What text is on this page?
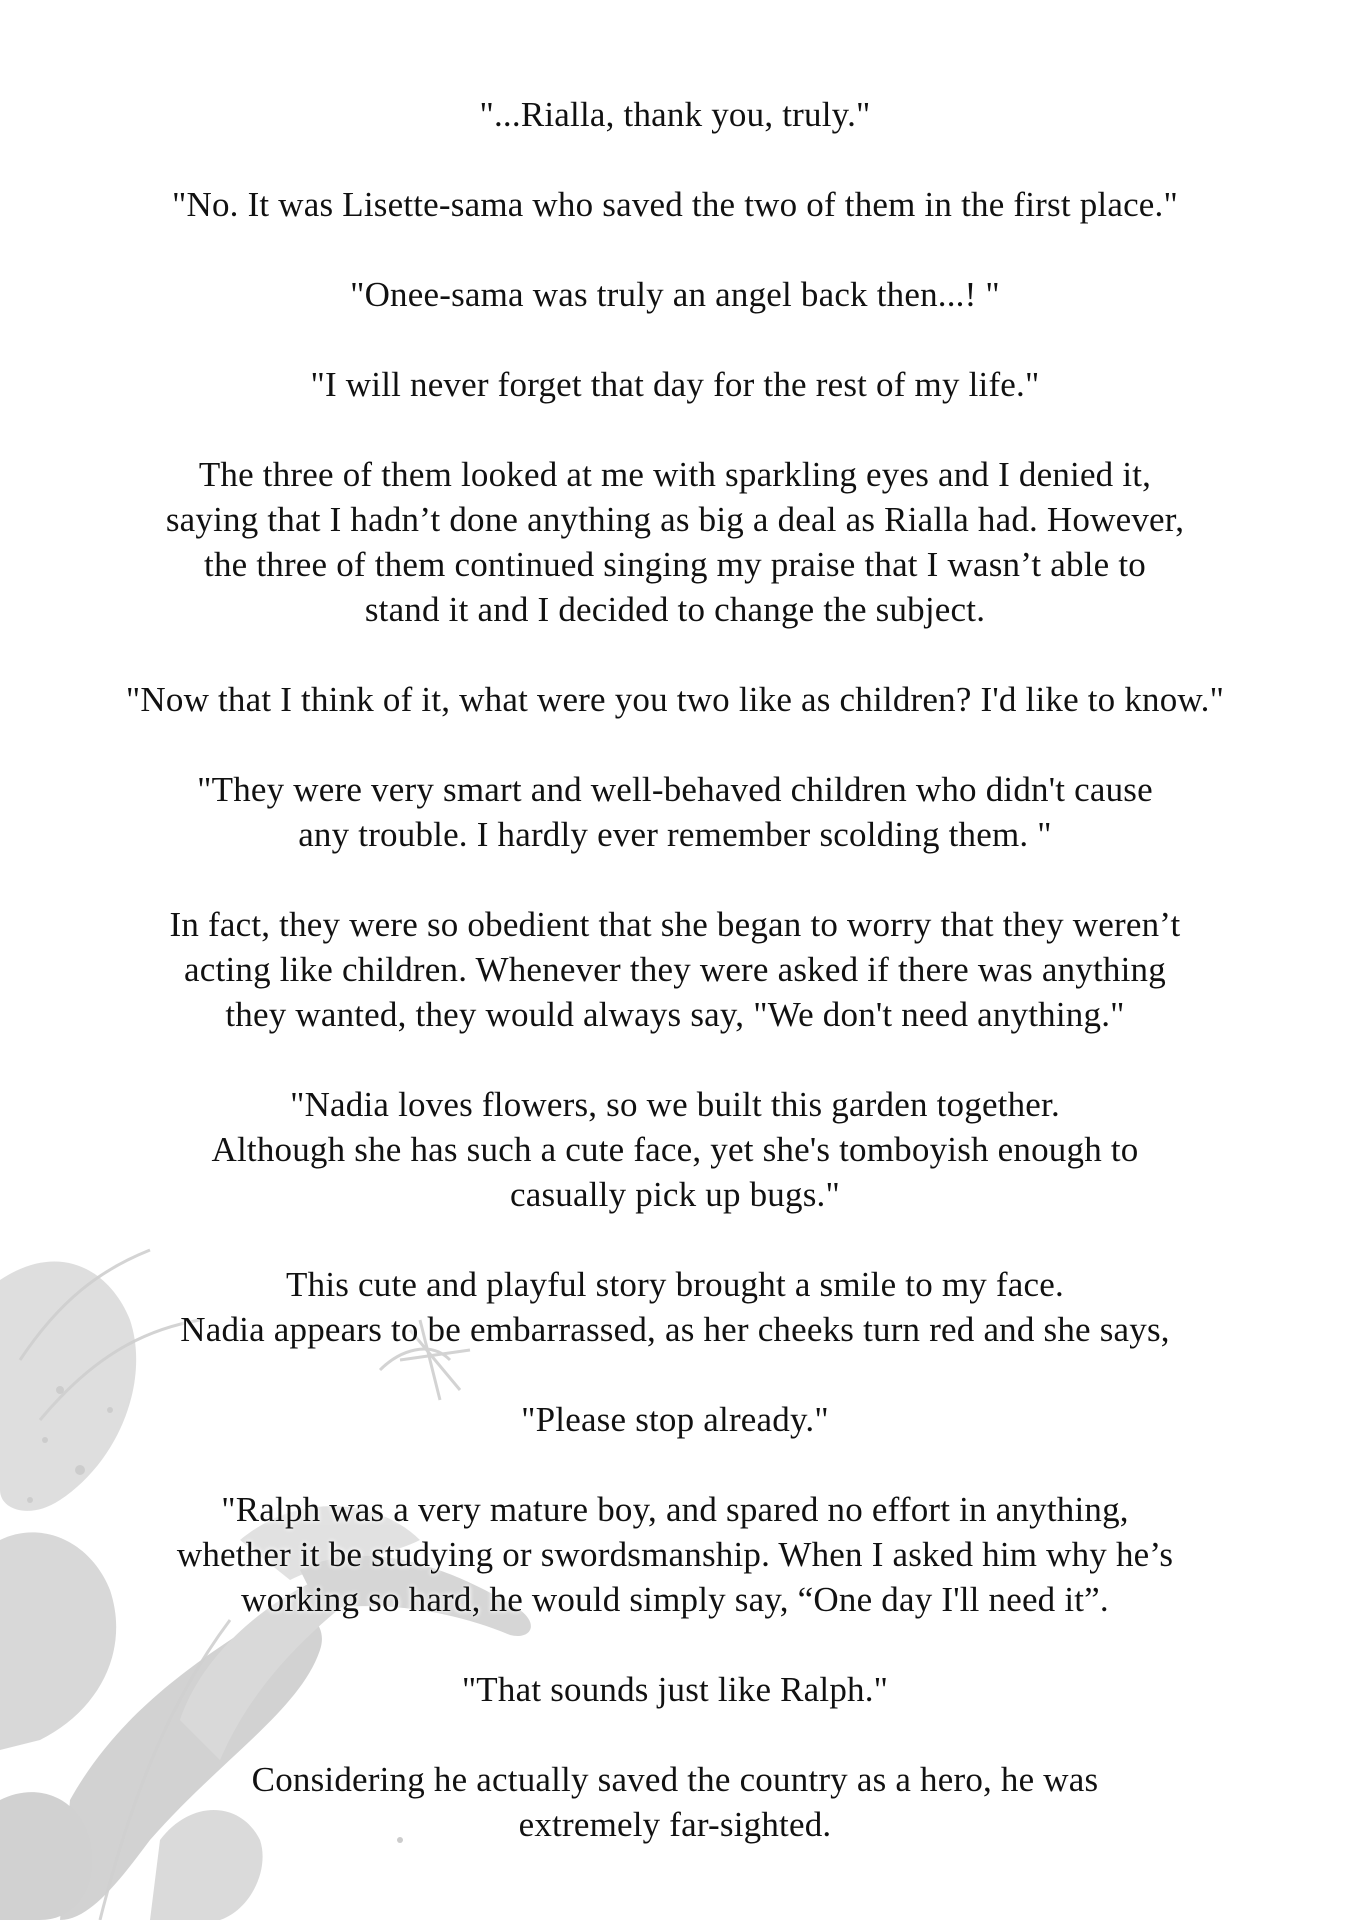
"...Rialla, thank you, truly."

"No. It was Lisette-sama who saved the two of them in the first place."

"Onee-sama was truly an angel back then...! "

"I will never forget that day for the rest of my life."

The three of them looked at me with sparkling eyes and I denied it,
saying that I hadn’t done anything as big a deal as Rialla had. However,
the three of them continued singing my praise that I wasn’t able to
stand it and I decided to change the subject.

"Now that I think of it, what were you two like as children? I'd like to know."

"They were very smart and well-behaved children who didn't cause
any trouble. I hardly ever remember scolding them. "

In fact, they were so obedient that she began to worry that they weren’t
acting like children. Whenever they were asked if there was anything
they wanted, they would always say, "We don't need anything."

"Nadia loves flowers, so we built this garden together.
Although she has such a cute face, yet she's tomboyish enough to
casually pick up bugs."

This cute and playful story brought a smile to my face.
Nadia appears to be embarrassed, as her cheeks turn red and she says,

"Please stop already."

"Ralph was a very mature boy, and spared no effort in anything,
whether it be studying or swordsmanship. When I asked him why he’s
working so hard, he would simply say, “One day I'll need it”.

"That sounds just like Ralph."

Considering he actually saved the country as a hero, he was
extremely far-sighted.
